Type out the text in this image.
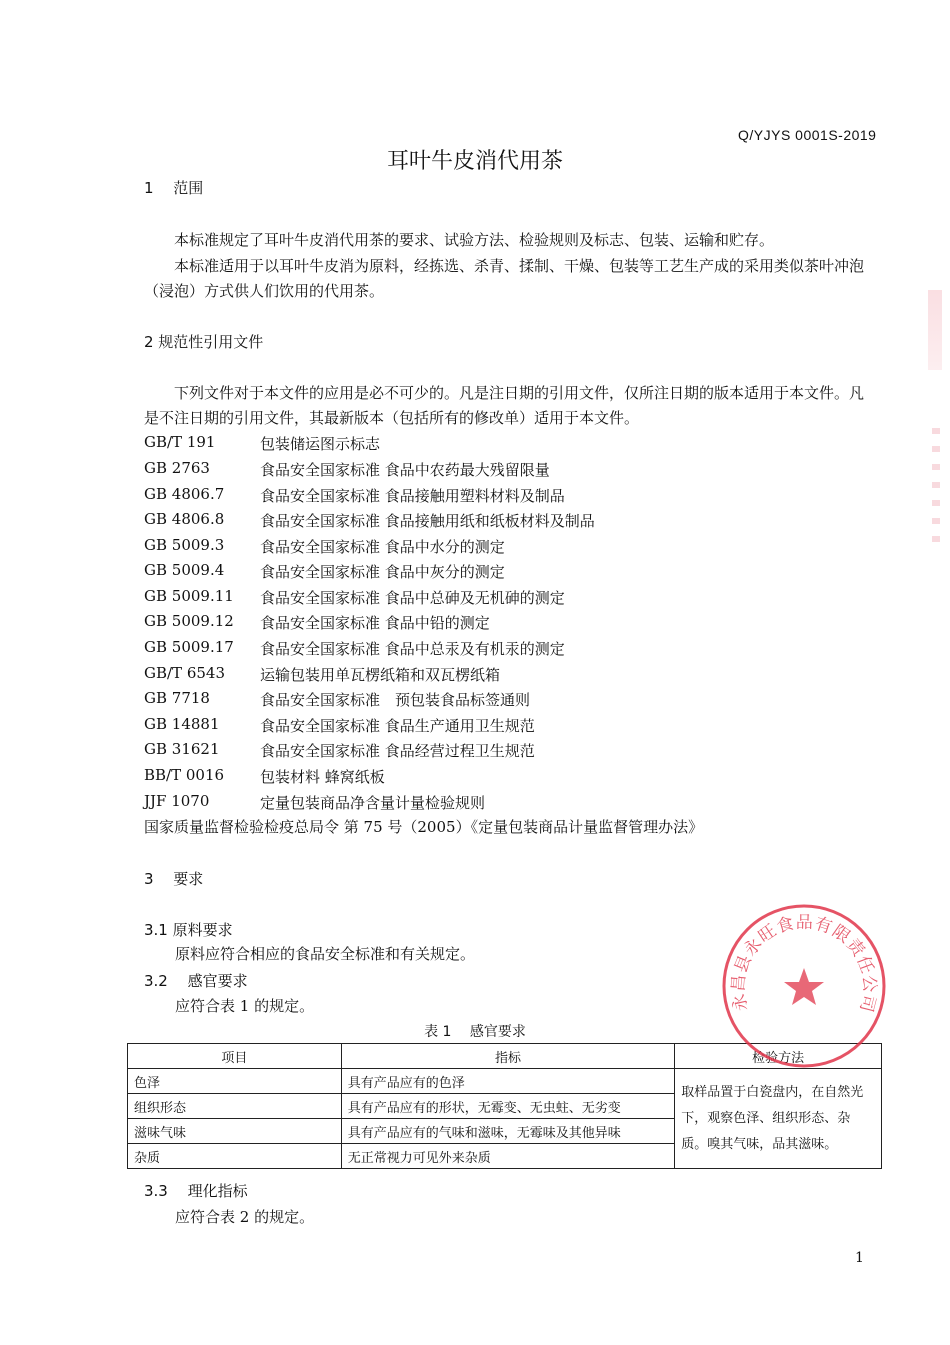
Q/YJYS 0001S-2019
耳叶牛皮消代用茶
1　 范围
本标准规定了耳叶牛皮消代用茶的要求、试验方法、检验规则及标志、包装、运输和贮存。
本标准适用于以耳叶牛皮消为原料，经拣选、杀青、揉制、干燥、包装等工艺生产成的采用类似茶叶冲泡（浸泡）方式供人们饮用的代用茶。
2 规范性引用文件
下列文件对于本文件的应用是必不可少的。凡是注日期的引用文件，仅所注日期的版本适用于本文件。凡是不注日期的引用文件，其最新版本（包括所有的修改单）适用于本文件。
GB/T 191	包装储运图示标志
GB 2763	食品安全国家标准 食品中农药最大残留限量
GB 4806.7 食品安全国家标准 食品接触用塑料材料及制品
GB 4806.8 食品安全国家标准 食品接触用纸和纸板材料及制品
GB 5009.3 食品安全国家标准 食品中水分的测定
GB 5009.4 食品安全国家标准 食品中灰分的测定
GB 5009.11 食品安全国家标准 食品中总砷及无机砷的测定
GB 5009.12 食品安全国家标准 食品中铅的测定
GB 5009.17 食品安全国家标准 食品中总汞及有机汞的测定
GB/T 6543 运输包装用单瓦楞纸箱和双瓦楞纸箱
GB 7718	食品安全国家标准　预包装食品标签通则
GB 14881	食品安全国家标准 食品生产通用卫生规范
GB 31621	食品安全国家标准 食品经营过程卫生规范
BB/T 0016 包装材料 蜂窝纸板
JJF 1070	定量包装商品净含量计量检验规则
国家质量监督检验检疫总局令 第 75 号（2005）《定量包装商品计量监督管理办法》
3　 要求
3.1 原料要求
原料应符合相应的食品安全标准和有关规定。
3.2　 感官要求
应符合表 1 的规定。
表 1　 感官要求
项目	指标	检验方法
色泽	具有产品应有的色泽	取样品置于白瓷盘内，在自然光下，观察色泽、组织形态、杂质。嗅其气味，品其滋味。
组织形态	具有产品应有的形状，无霉变、无虫蛀、无劣变	
滋味气味	具有产品应有的气味和滋味，无霉味及其他异味	
杂质	无正常视力可见外来杂质	
3.3　 理化指标
应符合表 2 的规定。
1
永昌县永旺食品有限责任公司
